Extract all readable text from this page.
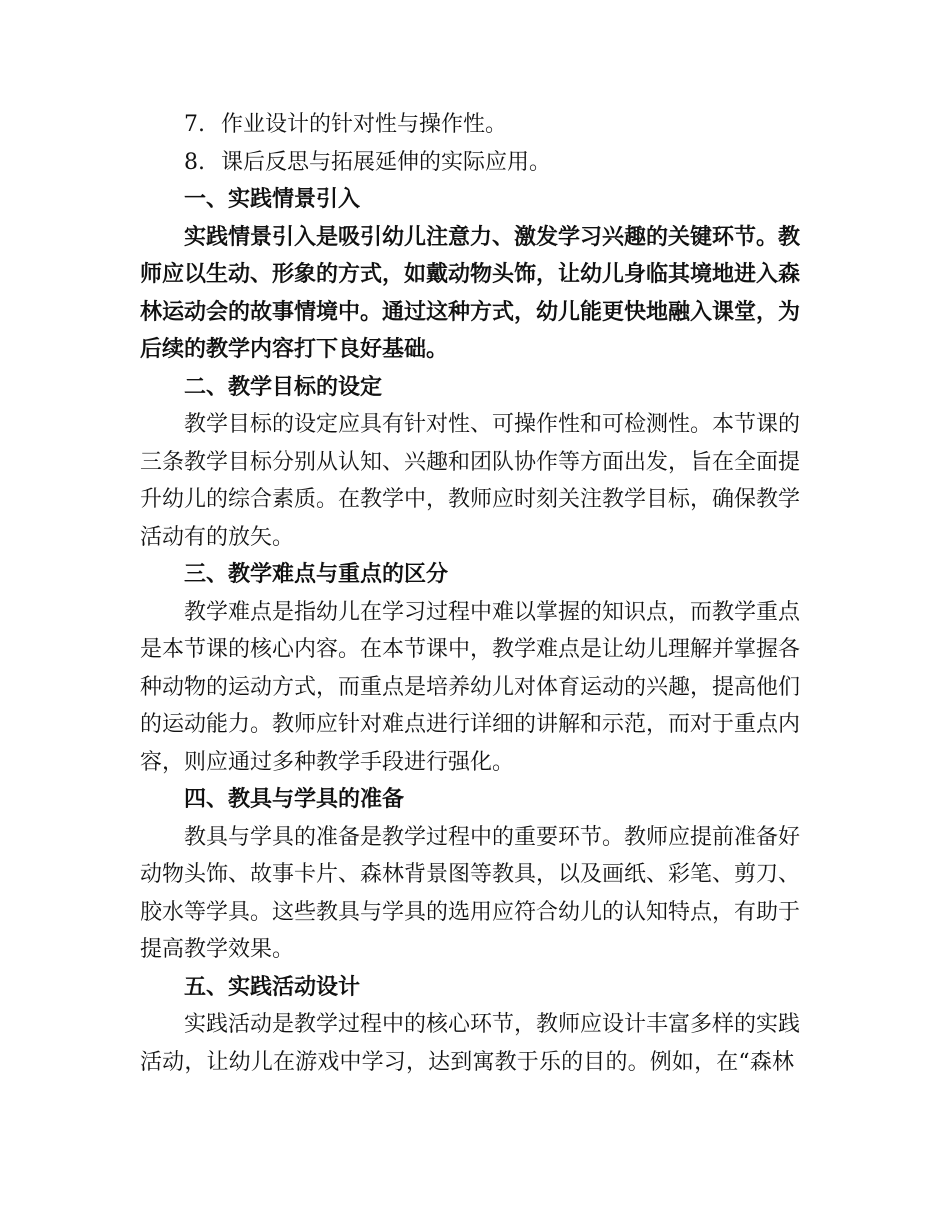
7. 作业设计的针对性与操作性。
8. 课后反思与拓展延伸的实际应用。
一、实践情景引入
实践情景引入是吸引幼儿注意力、激发学习兴趣的关键环节。教
师应以生动、形象的方式，如戴动物头饰，让幼儿身临其境地进入森
林运动会的故事情境中。通过这种方式，幼儿能更快地融入课堂，为
后续的教学内容打下良好基础。
二、教学目标的设定
教学目标的设定应具有针对性、可操作性和可检测性。本节课的
三条教学目标分别从认知、兴趣和团队协作等方面出发，旨在全面提
升幼儿的综合素质。在教学中，教师应时刻关注教学目标，确保教学
活动有的放矢。
三、教学难点与重点的区分
教学难点是指幼儿在学习过程中难以掌握的知识点，而教学重点
是本节课的核心内容。在本节课中，教学难点是让幼儿理解并掌握各
种动物的运动方式，而重点是培养幼儿对体育运动的兴趣，提高他们
的运动能力。教师应针对难点进行详细的讲解和示范，而对于重点内
容，则应通过多种教学手段进行强化。
四、教具与学具的准备
教具与学具的准备是教学过程中的重要环节。教师应提前准备好
动物头饰、故事卡片、森林背景图等教具，以及画纸、彩笔、剪刀、
胶水等学具。这些教具与学具的选用应符合幼儿的认知特点，有助于
提高教学效果。
五、实践活动设计
实践活动是教学过程中的核心环节，教师应设计丰富多样的实践
活动，让幼儿在游戏中学习，达到寓教于乐的目的。例如，在“森林
